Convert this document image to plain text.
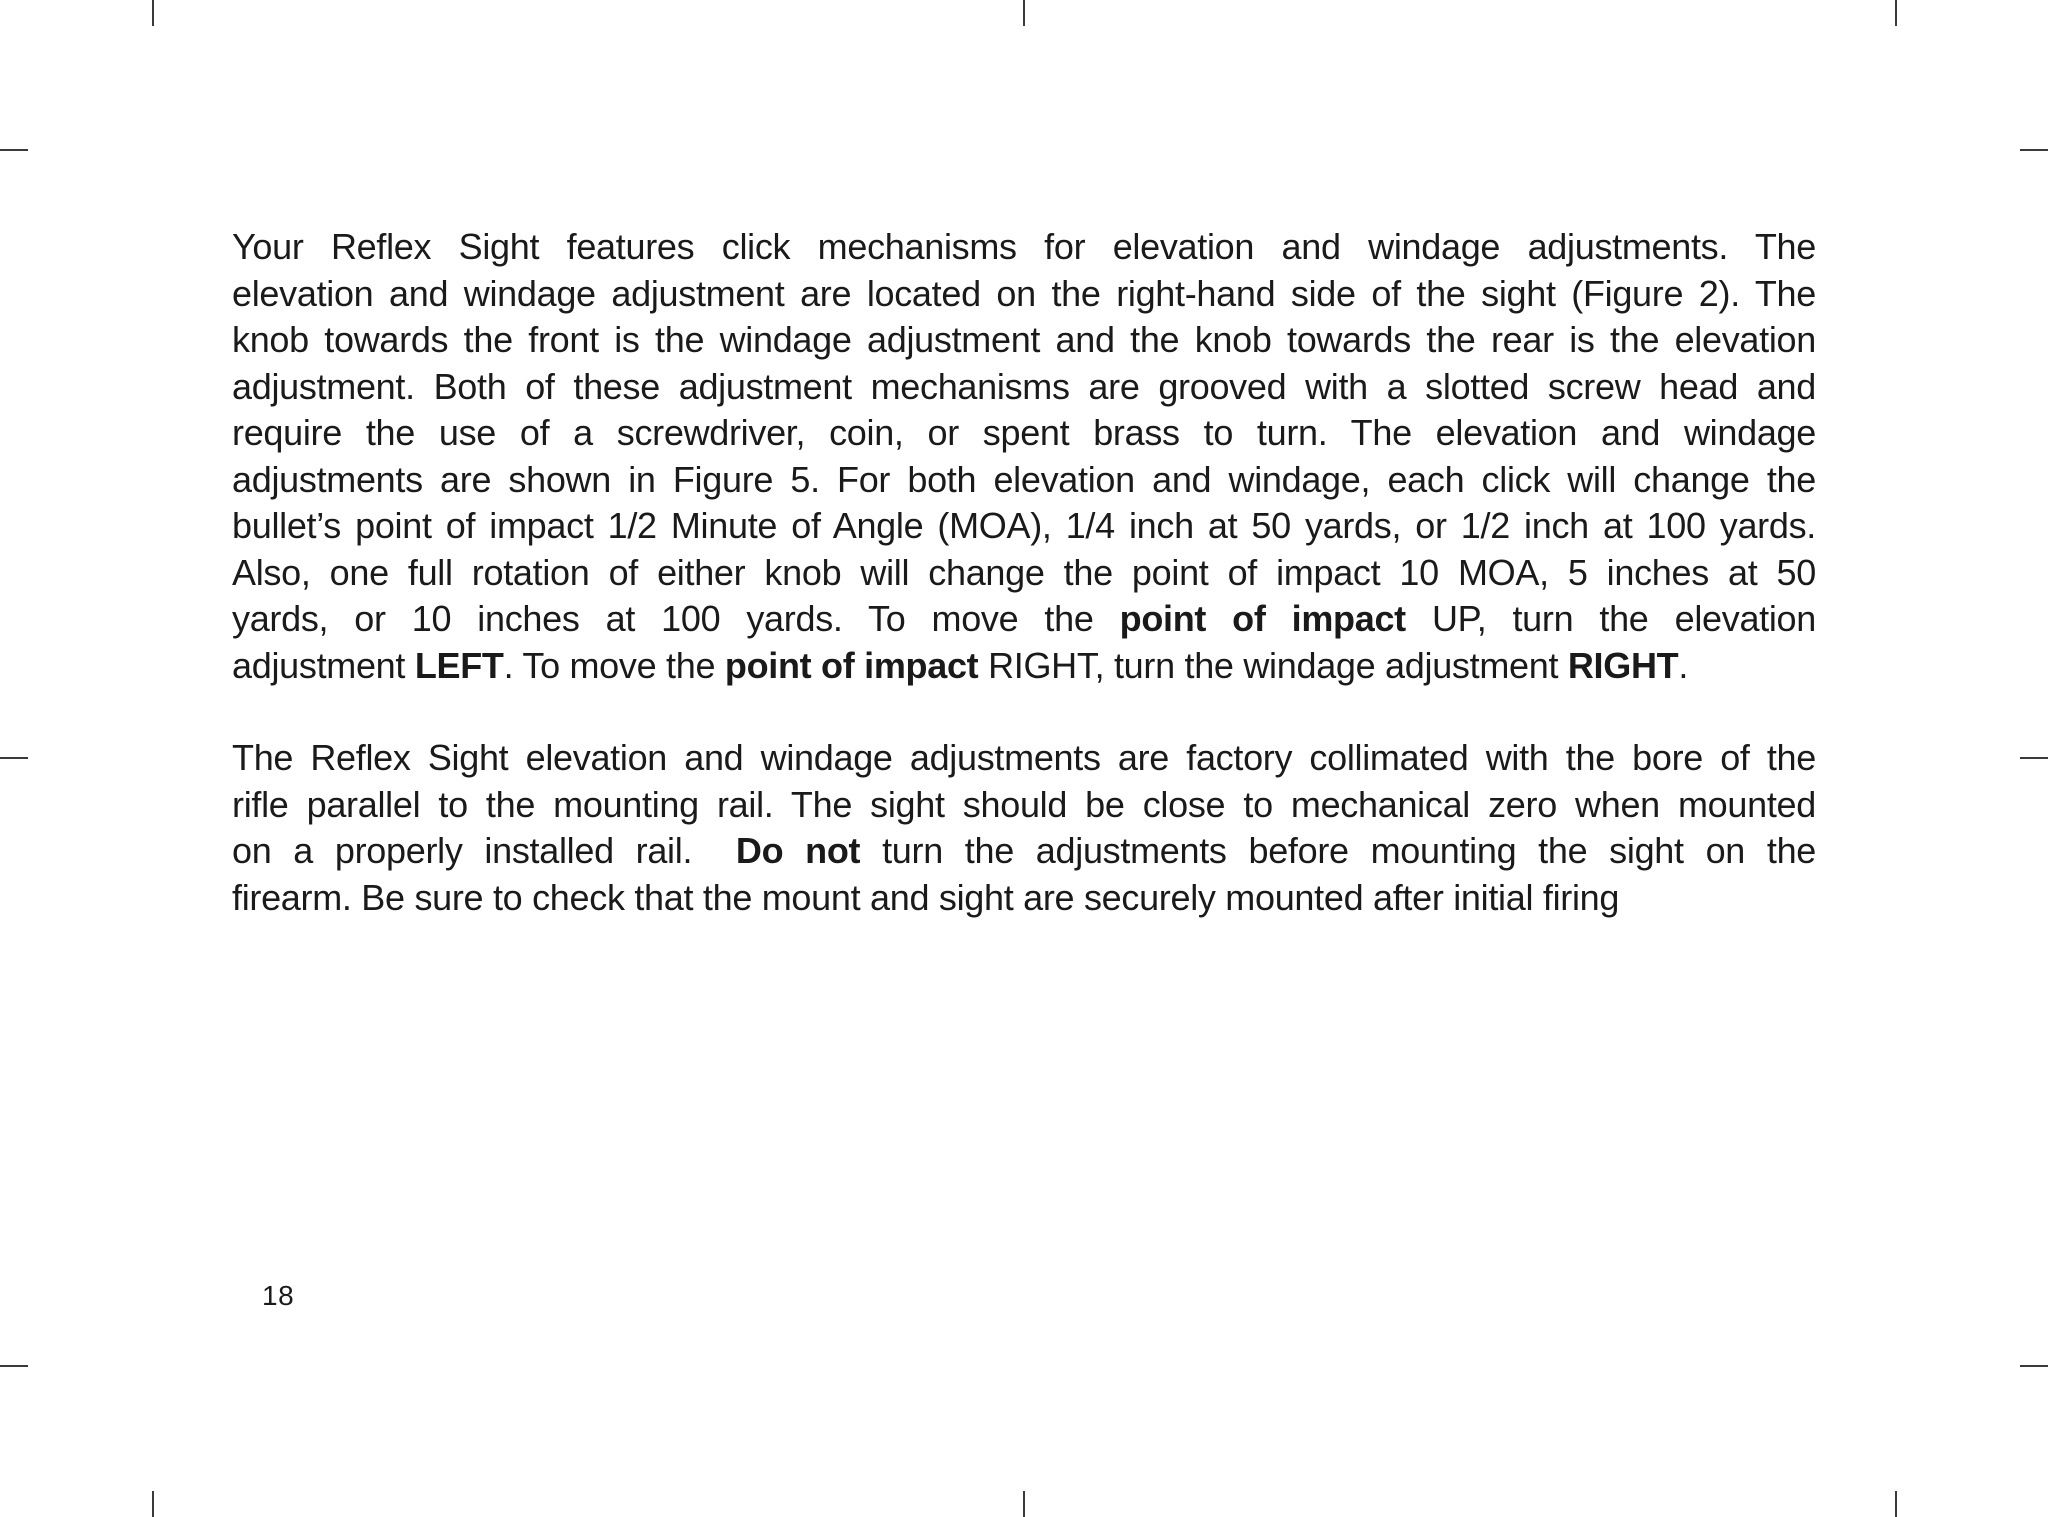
Your Reflex Sight features click mechanisms for elevation and windage adjustments. The
elevation and windage adjustment are located on the right-hand side of the sight (Figure 2). The
knob towards the front is the windage adjustment and the knob towards the rear is the elevation
adjustment. Both of these adjustment mechanisms are grooved with a slotted screw head and
require the use of a screwdriver, coin, or spent brass to turn. The elevation and windage
adjustments are shown in Figure 5. For both elevation and windage, each click will change the
bullet’s point of impact 1/2 Minute of Angle (MOA), 1/4 inch at 50 yards, or 1/2 inch at 100 yards.
Also, one full rotation of either knob will change the point of impact 10 MOA, 5 inches at 50
yards, or 10 inches at 100 yards. To move the point of impact UP, turn the elevation
adjustment LEFT. To move the point of impact RIGHT, turn the windage adjustment RIGHT.

The Reflex Sight elevation and windage adjustments are factory collimated with the bore of the
rifle parallel to the mounting rail. The sight should be close to mechanical zero when mounted
on a properly installed rail. Do not turn the adjustments before mounting the sight on the
firearm. Be sure to check that the mount and sight are securely mounted after initial firing

18
